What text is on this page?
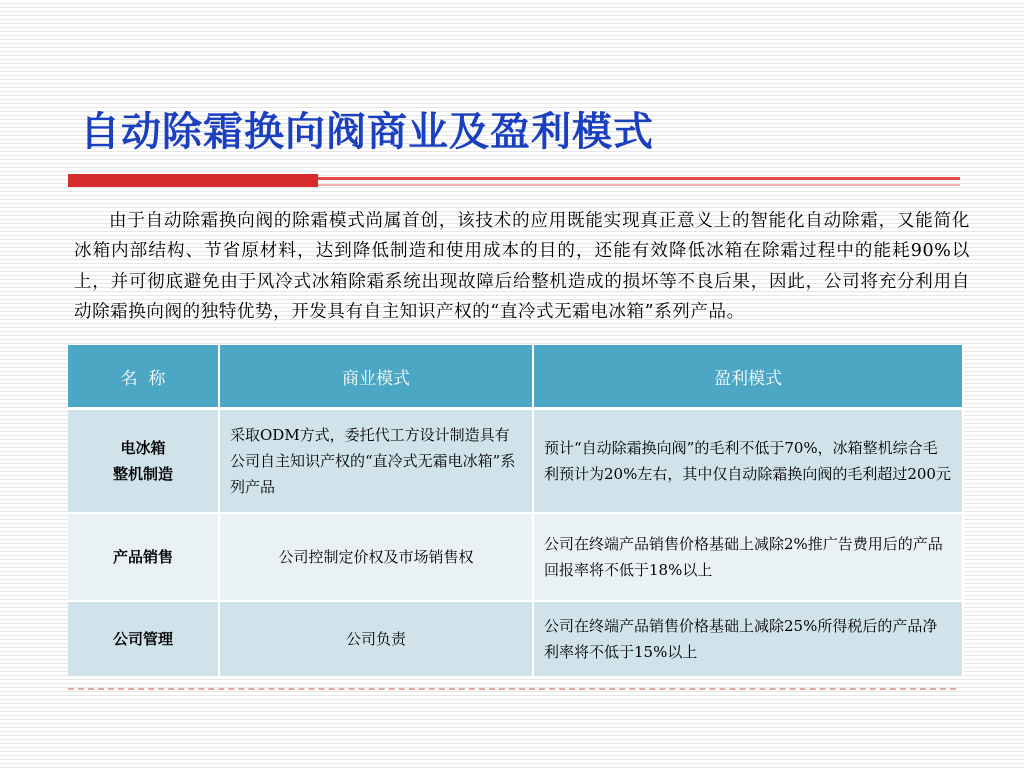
自动除霜换向阀商业及盈利模式

由于自动除霜换向阀的除霜模式尚属首创，该技术的应用既能实现真正意义上的智能化自动除霜，又能简化冰箱内部结构、节省原材料，达到降低制造和使用成本的目的，还能有效降低冰箱在除霜过程中的能耗90%以上，并可彻底避免由于风冷式冰箱除霜系统出现故障后给整机造成的损坏等不良后果，因此，公司将充分利用自动除霜换向阀的独特优势，开发具有自主知识产权的“直冷式无霜电冰箱”系列产品。

名  称	商业模式	盈利模式

电冰箱
整机制造	采取ODM方式，委托代工方设计制造具有公司自主知识产权的“直冷式无霜电冰箱”系列产品	预计“自动除霜换向阀”的毛利不低于70%，冰箱整机综合毛利预计为20%左右，其中仅自动除霜换向阀的毛利超过200元
产品销售	公司控制定价权及市场销售权	公司在终端产品销售价格基础上减除2%推广告费用后的产品回报率将不低于18%以上
公司管理	公司负责	公司在终端产品销售价格基础上减除25%所得税后的产品净利率将不低于15%以上
